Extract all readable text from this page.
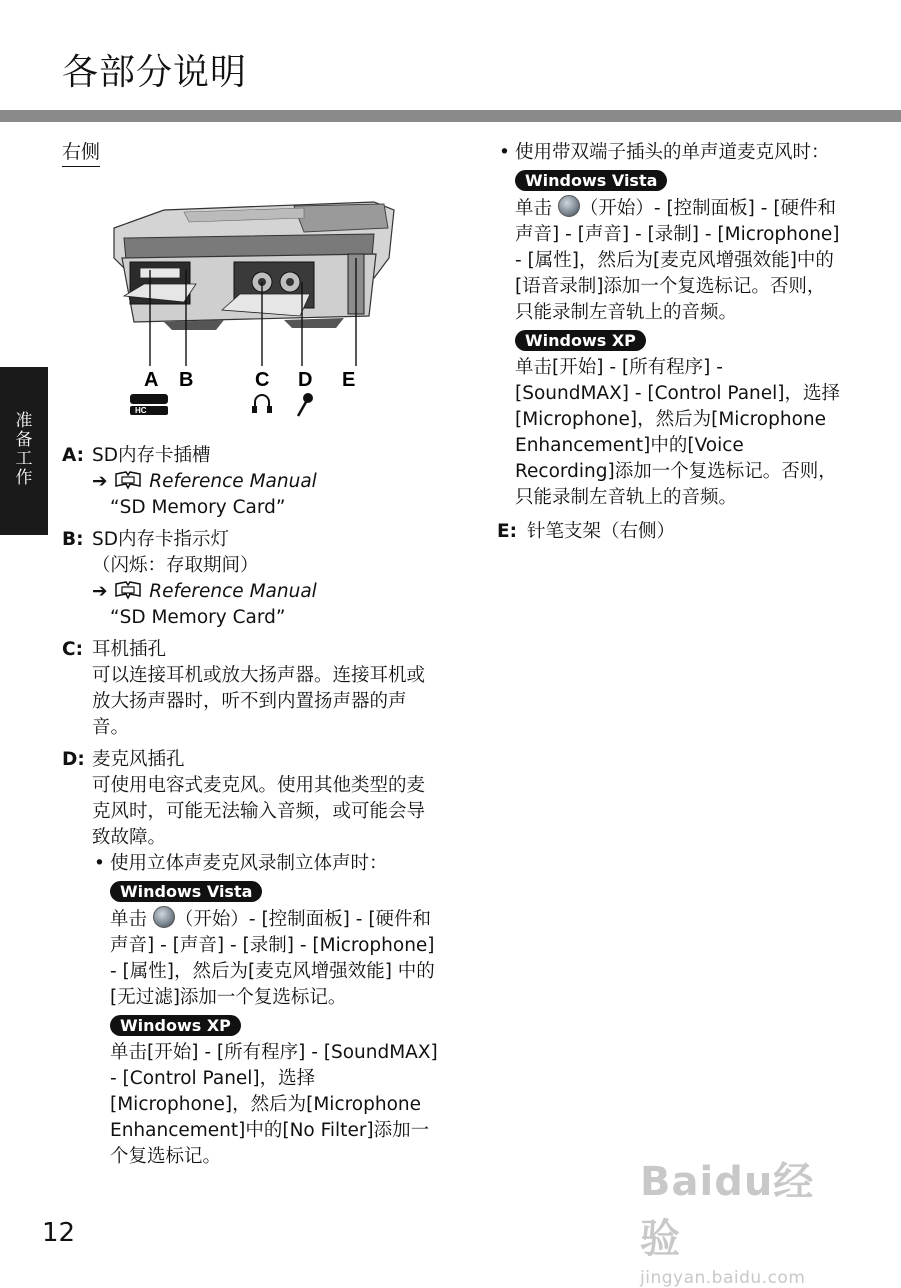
各部分说明
准
备
工
作
右侧
A B	C D E
HC
A: SD内存卡插槽
➔ Reference Manual
“SD Memory Card”
B: SD内存卡指示灯
（闪烁：存取期间）
➔ Reference Manual
“SD Memory Card”
C: 耳机插孔
可以连接耳机或放大扬声器。连接耳机或放大扬声器时，听不到内置扬声器的声音。
D: 麦克风插孔
可使用电容式麦克风。使用其他类型的麦克风时，可能无法输入音频，或可能会导致故障。
• 使用立体声麦克风录制立体声时：
Windows Vista
单击 （开始）- [控制面板] - [硬件和声音] - [声音] - [录制] - [Microphone] - [属性]，然后为[麦克风增强效能] 中的[无过滤]添加一个复选标记。
Windows XP
单击[开始] - [所有程序] - [SoundMAX] - [Control Panel]，选择[Microphone]，然后为[Microphone Enhancement]中的[No Filter]添加一个复选标记。
• 使用带双端子插头的单声道麦克风时：
Windows Vista
单击 （开始）- [控制面板] - [硬件和声音] - [声音] - [录制] - [Microphone] - [属性]，然后为[麦克风增强效能]中的[语音录制]添加一个复选标记。否则，只能录制左音轨上的音频。
Windows XP
单击[开始] - [所有程序] - [SoundMAX] - [Control Panel]，选择[Microphone]，然后为[Microphone Enhancement]中的[Voice Recording]添加一个复选标记。否则，只能录制左音轨上的音频。
E: 针笔支架（右侧）
12
Baidu经验
jingyan.baidu.com
